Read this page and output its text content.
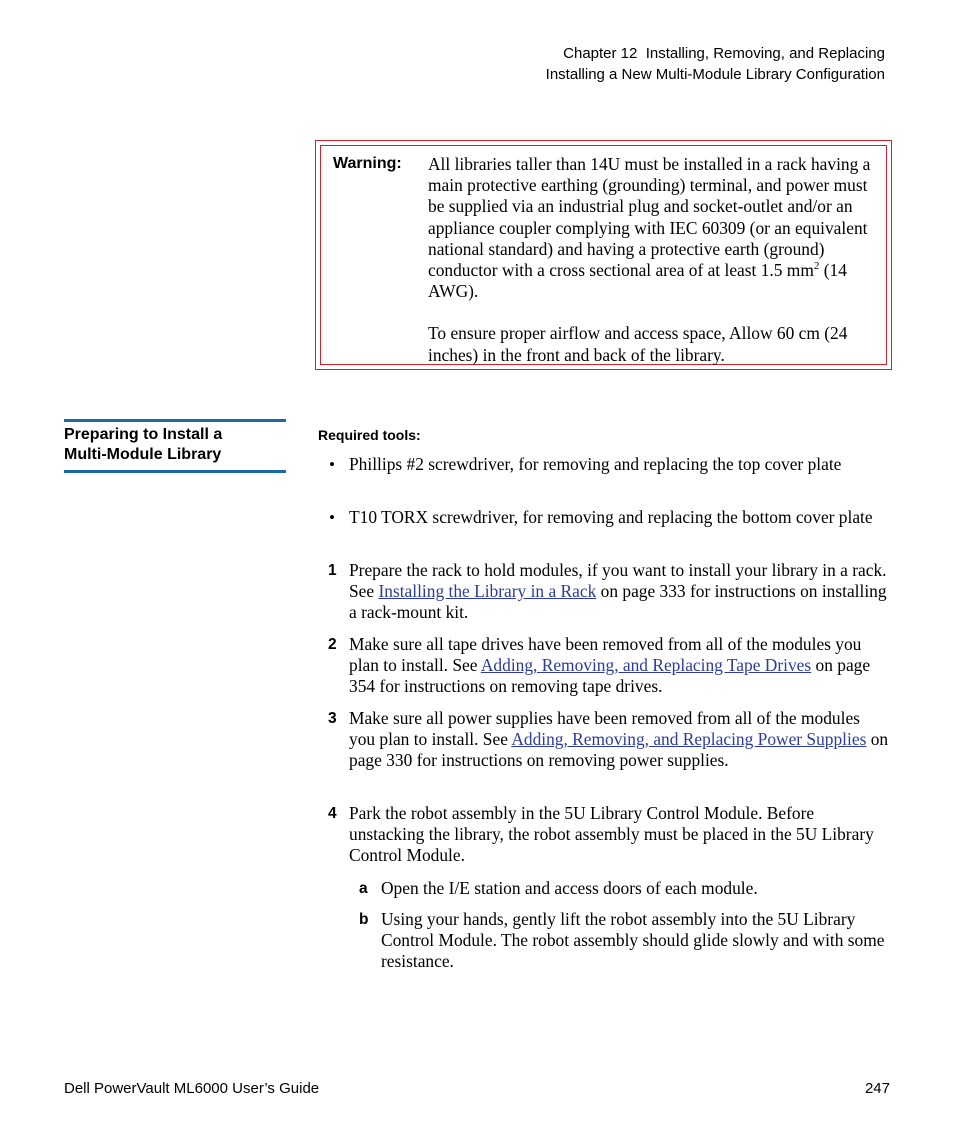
Chapter 12  Installing, Removing, and Replacing
Installing a New Multi-Module Library Configuration
Warning: All libraries taller than 14U must be installed in a rack having a main protective earthing (grounding) terminal, and power must be supplied via an industrial plug and socket-outlet and/or an appliance coupler complying with IEC 60309 (or an equivalent national standard) and having a protective earth (ground) conductor with a cross sectional area of at least 1.5 $mm^2$ (14 AWG).

To ensure proper airflow and access space, Allow 60 cm (24 inches) in the front and back of the library.

Preparing to Install a
Multi-Module Library
Required tools:
• Phillips #2 screwdriver, for removing and replacing the top cover plate
• T10 TORX screwdriver, for removing and replacing the bottom cover plate
1 Prepare the rack to hold modules, if you want to install your library in a rack. See Installing the Library in a Rack on page 333 for instructions on installing a rack-mount kit.
2 Make sure all tape drives have been removed from all of the modules you plan to install. See Adding, Removing, and Replacing Tape Drives on page 354 for instructions on removing tape drives.
3 Make sure all power supplies have been removed from all of the modules you plan to install. See Adding, Removing, and Replacing Power Supplies on page 330 for instructions on removing power supplies.
4 Park the robot assembly in the 5U Library Control Module. Before unstacking the library, the robot assembly must be placed in the 5U Library Control Module.
a Open the I/E station and access doors of each module.
b Using your hands, gently lift the robot assembly into the 5U Library Control Module. The robot assembly should glide slowly and with some resistance.
Dell PowerVault ML6000 User’s Guide	247
